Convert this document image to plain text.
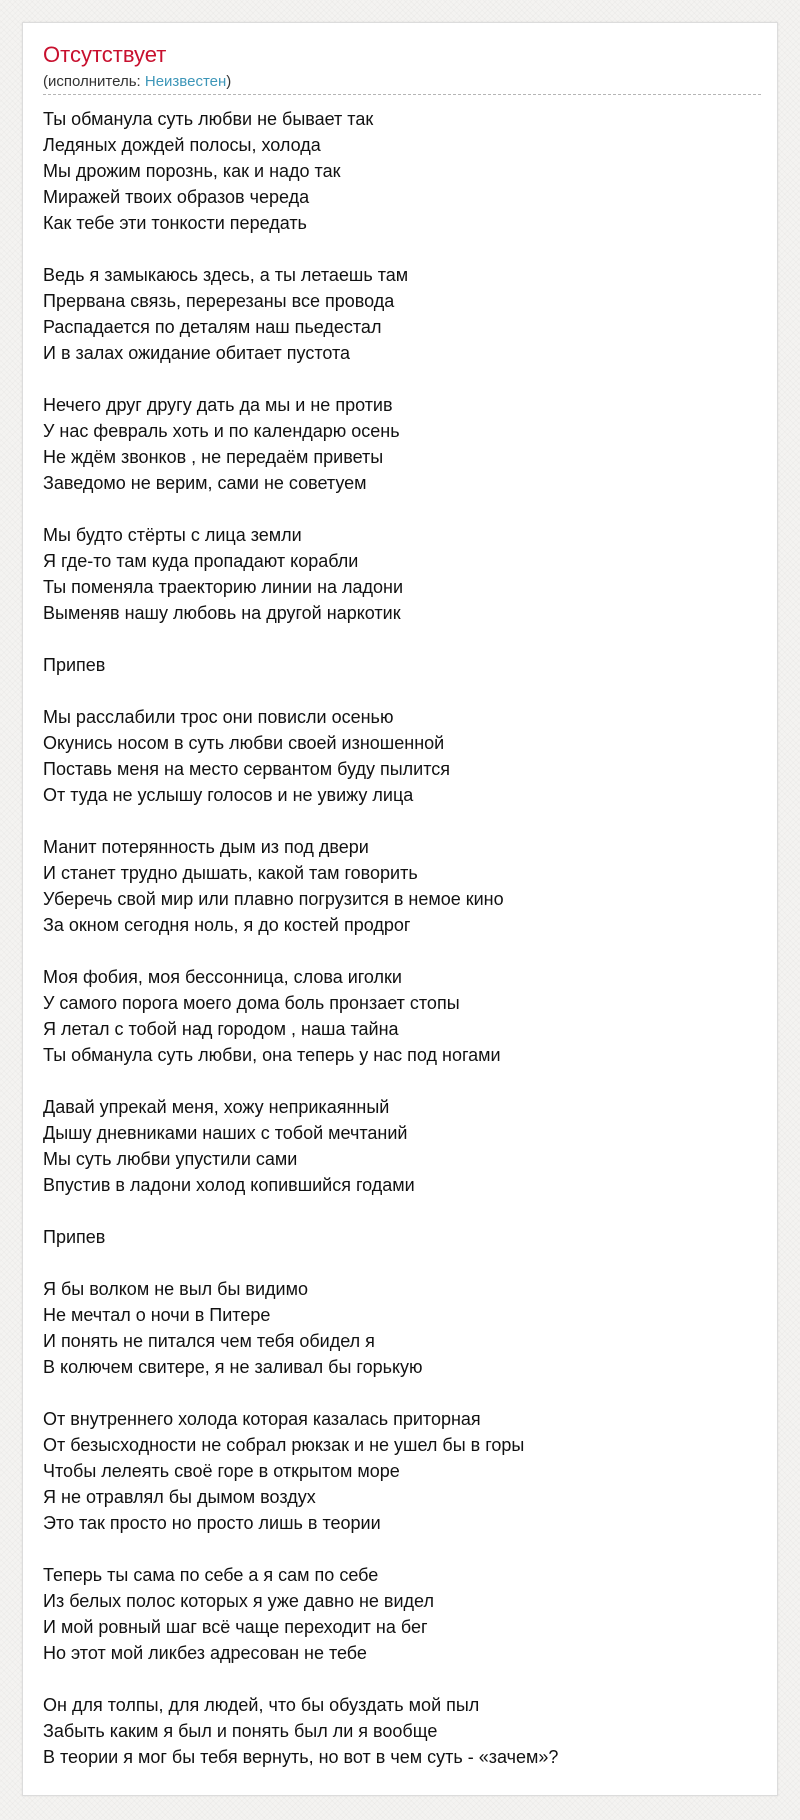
Отсутствует
(исполнитель: Неизвестен)
Ты обманула суть любви не бывает так
Ледяных дождей полосы, холода
Мы дрожим порознь, как и надо так
Миражей твоих образов череда
Как тебе эти тонкости передать

Ведь я замыкаюсь здесь, а ты летаешь там
Прервана связь, перерезаны все провода
Распадается по деталям наш пьедестал
И в залах ожидание обитает пустота

Нечего друг другу дать да мы и не против
У нас февраль хоть и по календарю осень
Не ждём звонков , не передаём приветы
Заведомо не верим, сами не советуем

Мы будто стёрты с лица земли
Я где-то там куда пропадают корабли
Ты поменяла траекторию линии на ладони
Выменяв нашу любовь на другой наркотик

Припев

Мы расслабили трос они повисли осенью
Окунись носом в суть любви своей изношенной
Поставь меня на место сервантом буду пылится
От туда не услышу голосов и не увижу лица

Манит потерянность дым из под двери
И станет трудно дышать, какой там говорить
Уберечь свой мир или плавно погрузится в немое кино
За окном сегодня ноль, я до костей продрог

Моя фобия, моя бессонница, слова иголки
У самого порога моего дома боль пронзает стопы
Я летал с тобой над городом , наша тайна
Ты обманула суть любви, она теперь у нас под ногами

Давай упрекай меня, хожу неприкаянный
Дышу дневниками наших с тобой мечтаний
Мы суть любви упустили сами
Впустив в ладони холод копившийся годами

Припев

Я бы волком не выл бы видимо
Не мечтал о ночи в Питере
И понять не питался чем тебя обидел я
В колючем свитере, я не заливал бы горькую

От внутреннего холода которая казалась приторная
От безысходности не собрал рюкзак и не ушел бы в горы
Чтобы лелеять своё горе в открытом море
Я не отравлял бы дымом воздух
Это так просто но просто лишь в теории

Теперь ты сама по себе а я сам по себе
Из белых полос которых я уже давно не видел
И мой ровный шаг всё чаще переходит на бег
Но этот мой ликбез адресован не тебе

Он для толпы, для людей, что бы обуздать мой пыл
Забыть каким я был и понять был ли я вообще
В теории я мог бы тебя вернуть, но вот в чем суть - «зачем»?
